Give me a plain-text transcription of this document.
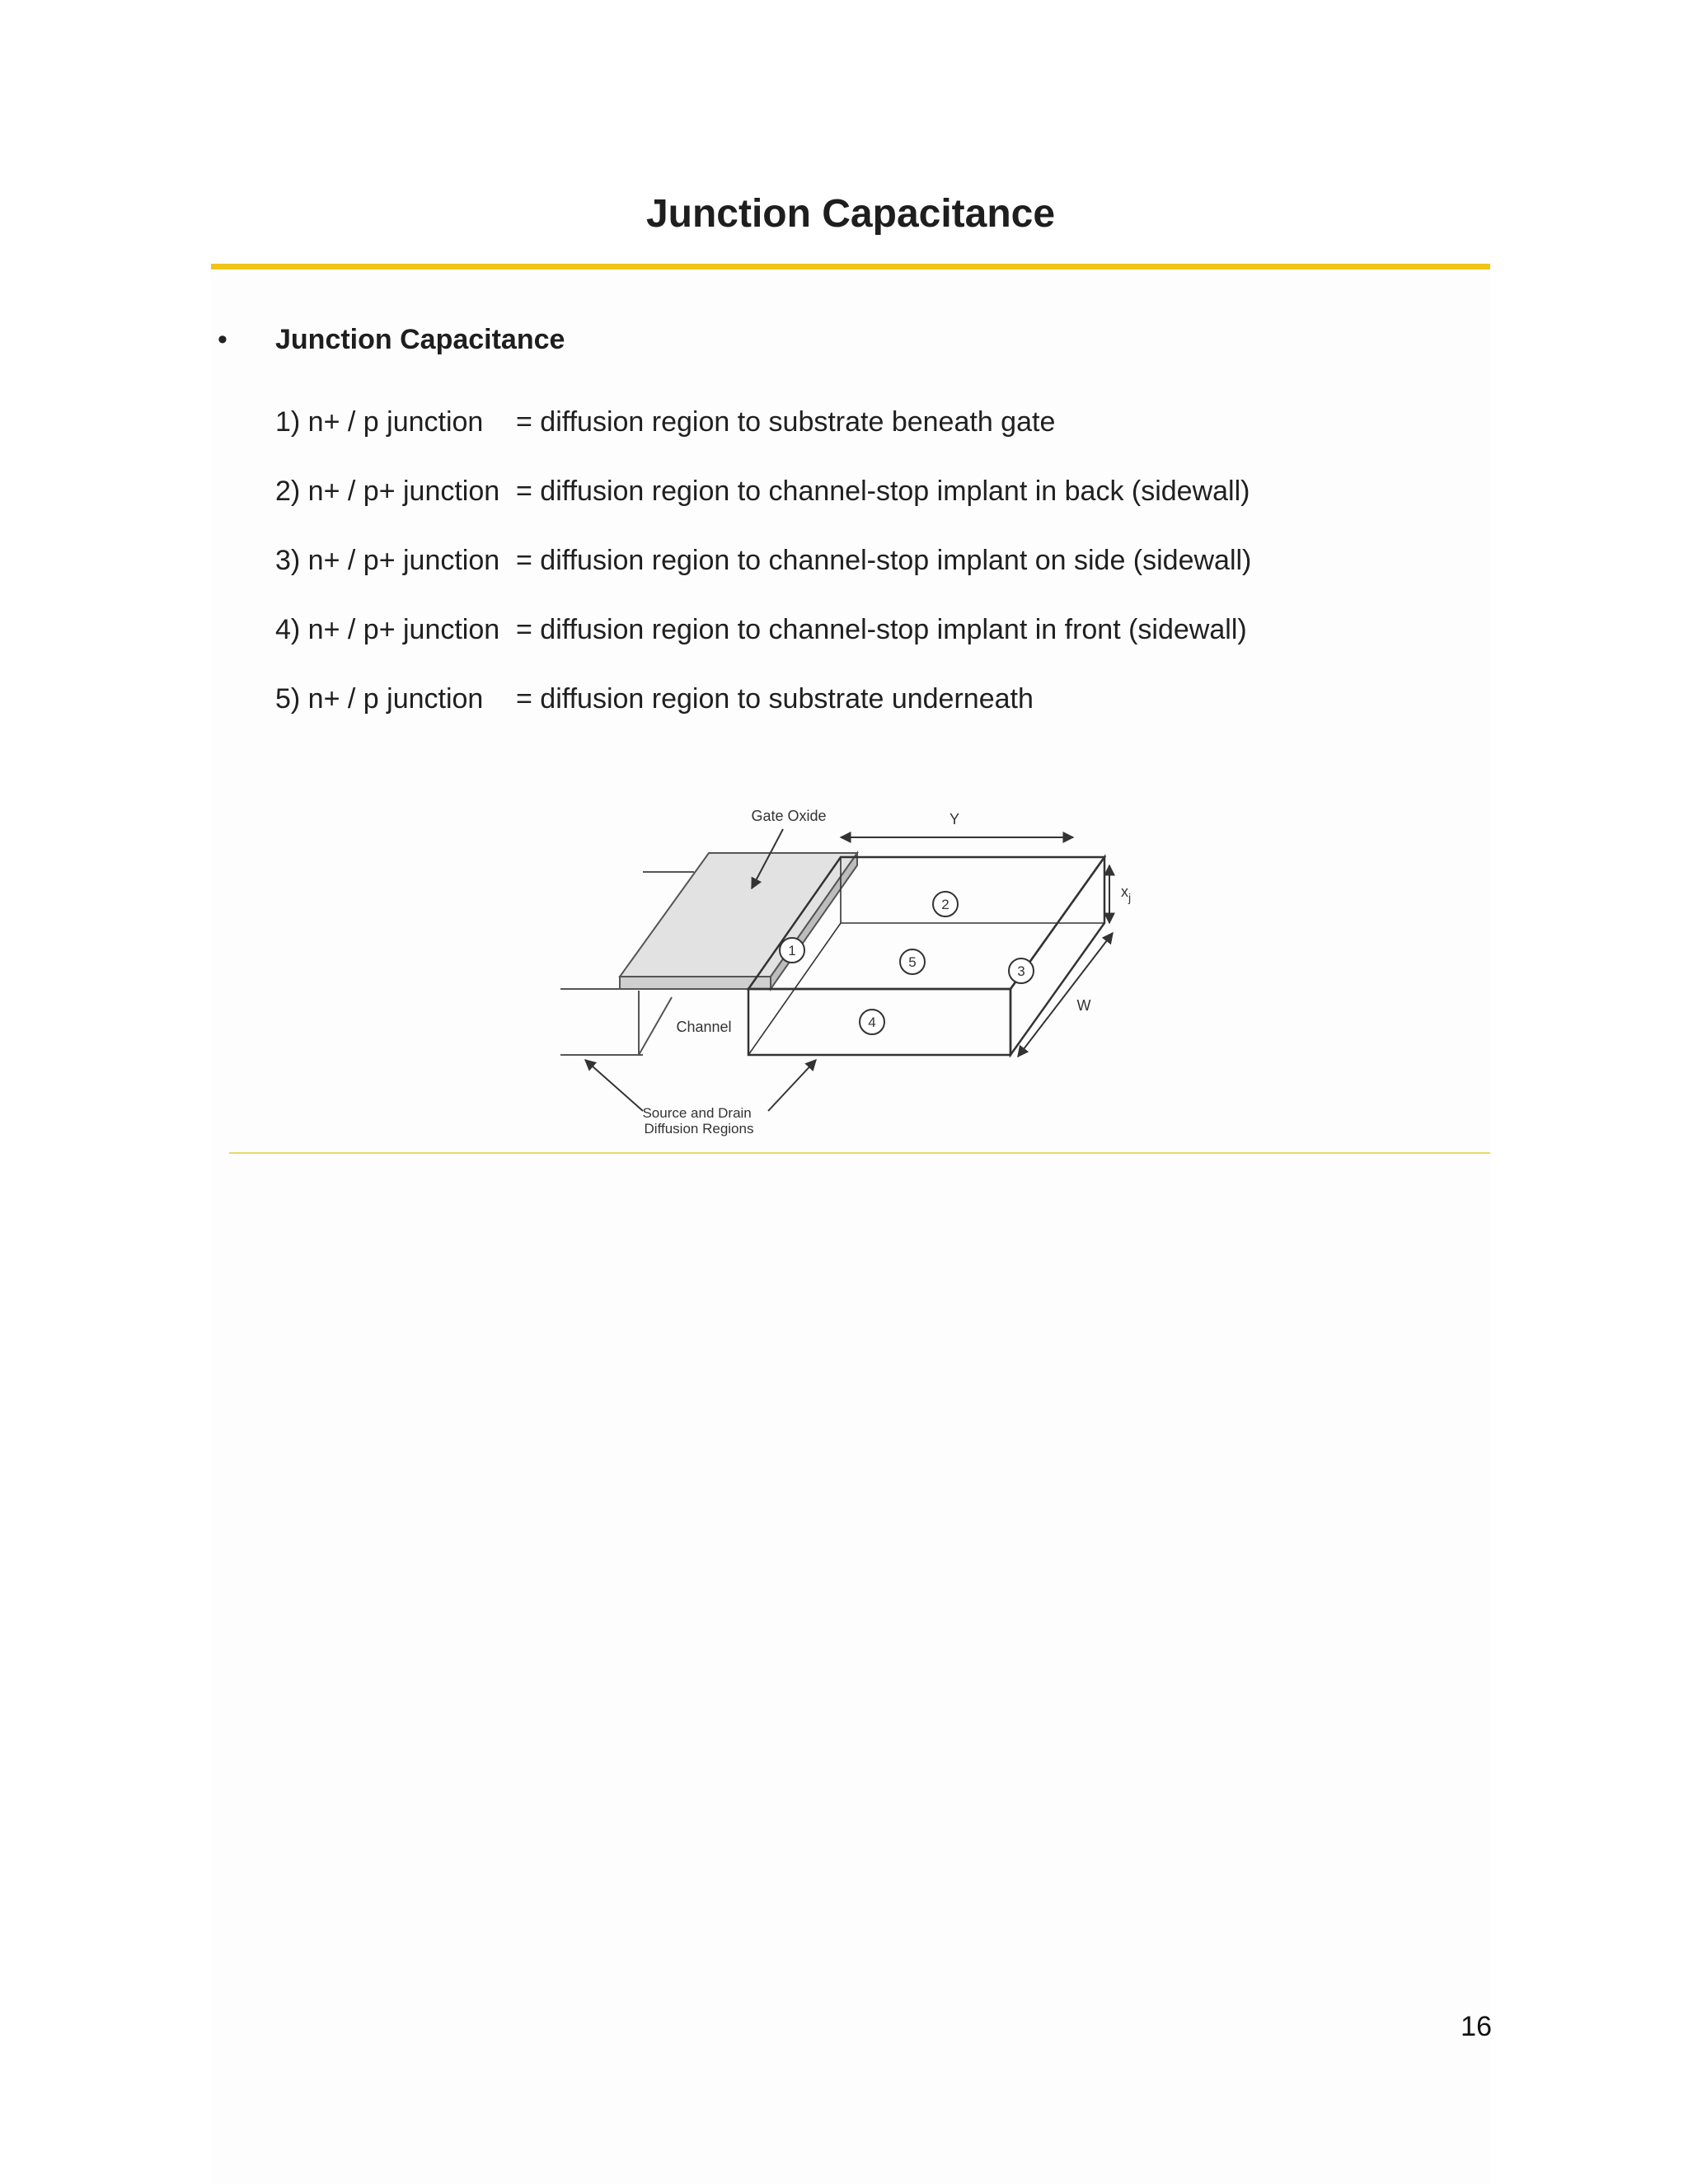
Junction Capacitance
• Junction Capacitance
1) n+ / p junction	= diffusion region to substrate beneath gate
2) n+ / p+ junction = diffusion region to channel-stop implant in back (sidewall)
3) n+ / p+ junction = diffusion region to channel-stop implant on side (sidewall)
4) n+ / p+ junction = diffusion region to channel-stop implant in front (sidewall)
5) n+ / p junction	= diffusion region to substrate underneath
1
2
3
4
5
Gate Oxide	Y
$x_j$
W
Channel
Source and Drain Diffusion Regions
16
